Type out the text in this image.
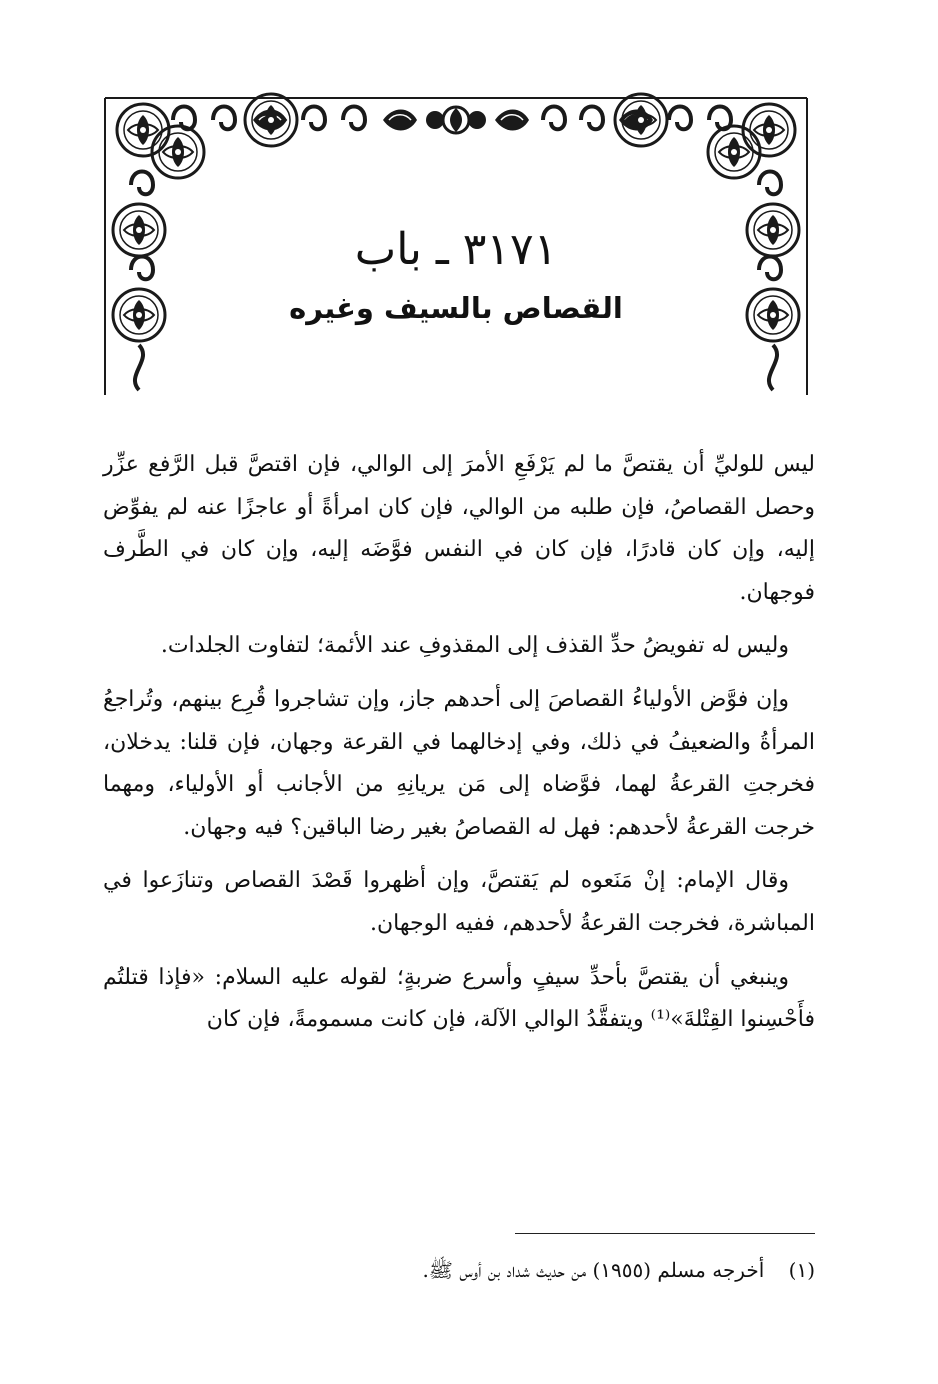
٣١٧١ ـ باب
القصاص بالسيف وغيره

ليس للوليِّ أن يقتصَّ ما لم يَرْفَعِ الأمرَ إلى الوالي، فإن اقتصَّ قبل الرَّفع عزِّر وحصل القصاصُ، فإن طلبه من الوالي، فإن كان امرأةً أو عاجزًا عنه لم يفوِّض إليه، وإن كان قادرًا، فإن كان في النفس فوَّضَه إليه، وإن كان في الطَّرف فوجهان.

وليس له تفويضُ حدِّ القذف إلى المقذوفِ عند الأئمة؛ لتفاوت الجلدات.

وإن فوَّض الأولياءُ القصاصَ إلى أحدهم جاز، وإن تشاجروا قُرِع بينهم، وتُراجعُ المرأةُ والضعيفُ في ذلك، وفي إدخالهما في القرعة وجهان، فإن قلنا: يدخلان، فخرجتِ القرعةُ لهما، فوَّضاه إلى مَن يريانِهِ من الأجانب أو الأولياء، ومهما خرجت القرعةُ لأحدهم: فهل له القصاصُ بغير رضا الباقين؟ فيه وجهان.

وقال الإمام: إنْ مَنَعوه لم يَقتصَّ، وإن أظهروا قَصْدَ القصاص وتنازَعوا في المباشرة، فخرجت القرعةُ لأحدهم، ففيه الوجهان.

وينبغي أن يقتصَّ بأحدِّ سيفٍ وأسرع ضربةٍ؛ لقوله عليه السلام: «فإذا قتلتُم فأَحْسِنوا القِتْلةَ»⁽¹⁾ ويتفقَّدُ الوالي الآلة، فإن كانت مسمومةً، فإن كان

(١) أخرجه مسلم (١٩٥٥) من حديث شداد بن أوس ﷺ.
